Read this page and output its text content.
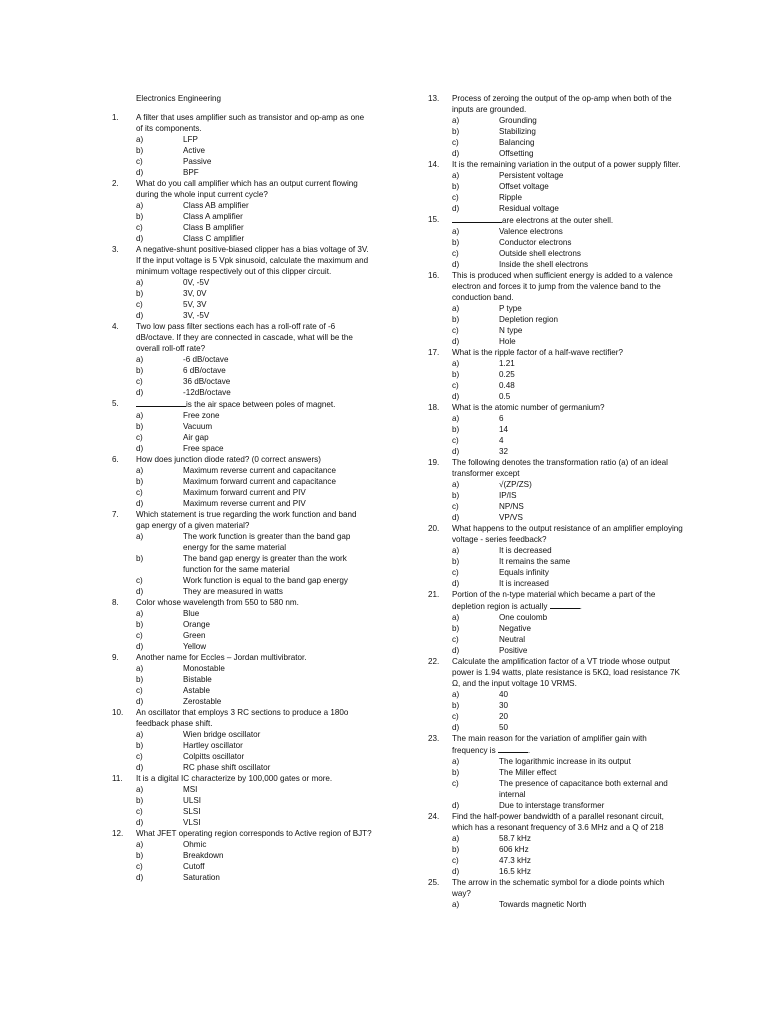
Electronics Engineering
1.	A filter that uses amplifier such as transistor and op-amp as one of its components.
a)	LFP
b)	Active
c)	Passive
d)	BPF
2.	What do you call amplifier which has an output current flowing during the whole input current cycle?
a)	Class AB amplifier
b)	Class A amplifier
c)	Class B amplifier
d)	Class C amplifier
3.	A negative-shunt positive-biased clipper has a bias voltage of 3V. If the input voltage is 5 Vpk sinusoid, calculate the maximum and minimum voltage respectively out of this clipper circuit.
a)	0V, -5V
b)	3V, 0V
c)	5V, 3V
d)	3V, -5V
4.	Two low pass filter sections each has a roll-off rate of -6 dB/octave. If they are connected in cascade, what will be the overall roll-off rate?
a)	-6 dB/octave
b)	6 dB/octave
c)	36 dB/octave
d)	-12dB/octave
5.	is the air space between poles of magnet.
a)	Free zone
b)	Vacuum
c)	Air gap
d)	Free space
6.	How does junction diode rated? (0 correct answers)
a)	Maximum reverse current and capacitance
b)	Maximum forward current and capacitance
c)	Maximum forward current and PIV
d)	Maximum reverse current and PIV
7.	Which statement is true regarding the work function and band gap energy of a given material?
a)	The work function is greater than the band gap energy for the same material
b)	The band gap energy is greater than the work function for the same material
c)	Work function is equal to the band gap energy
d)	They are measured in watts
8.	Color whose wavelength from 550 to 580 nm.
a)	Blue
b)	Orange
c)	Green
d)	Yellow
9.	Another name for Eccles – Jordan multivibrator.
a)	Monostable
b)	Bistable
c)	Astable
d)	Zerostable
10.	An oscillator that employs 3 RC sections to produce a 180o feedback phase shift.
a)	Wien bridge oscillator
b)	Hartley oscillator
c)	Colpitts oscillator
d)	RC phase shift oscillator
11.	It is a digital IC characterize by 100,000 gates or more.
a)	MSI
b)	ULSI
c)	SLSI
d)	VLSI
12.	What JFET operating region corresponds to Active region of BJT?
a)	Ohmic
b)	Breakdown
c)	Cutoff
d)	Saturation
13.	Process of zeroing the output of the op-amp when both of the inputs are grounded.
a)	Grounding
b)	Stabilizing
c)	Balancing
d)	Offsetting
14.	It is the remaining variation in the output of a power supply filter.
a)	Persistent voltage
b)	Offset voltage
c)	Ripple
d)	Residual voltage
15.	are electrons at the outer shell.
a)	Valence electrons
b)	Conductor electrons
c)	Outside shell electrons
d)	Inside the shell electrons
16.	This is produced when sufficient energy is added to a valence electron and forces it to jump from the valence band to the conduction band.
a)	P type
b)	Depletion region
c)	N type
d)	Hole
17.	What is the ripple factor of a half-wave rectifier?
a)	1.21
b)	0.25
c)	0.48
d)	0.5
18.	What is the atomic number of germanium?
a)	6
b)	14
c)	4
d)	32
19.	The following denotes the transformation ratio (a) of an ideal transformer except
a)	√(ZP/ZS)
b)	IP/IS
c)	NP/NS
d)	VP/VS
20.	What happens to the output resistance of an amplifier employing voltage - series feedback?
a)	It is decreased
b)	It remains the same
c)	Equals infinity
d)	It is increased
21.	Portion of the n-type material which became a part of the depletion region is actually	.
a)	One coulomb
b)	Negative
c)	Neutral
d)	Positive
22.	Calculate the amplification factor of a VT triode whose output power is 1.94 watts, plate resistance is 5KΩ, load resistance 7K Ω, and the input voltage 10 VRMS.
a)	40
b)	30
c)	20
d)	50
23.	The main reason for the variation of amplifier gain with frequency is	.
a)	The logarithmic increase in its output
b)	The Miller effect
c)	The presence of capacitance both external and internal
d)	Due to interstage transformer
24.	Find the half-power bandwidth of a parallel resonant circuit, which has a resonant frequency of 3.6 MHz and a Q of 218
a)	58.7 kHz
b)	606 kHz
c)	47.3 kHz
d)	16.5 kHz
25.	The arrow in the schematic symbol for a diode points which way?
a)	Towards magnetic North
